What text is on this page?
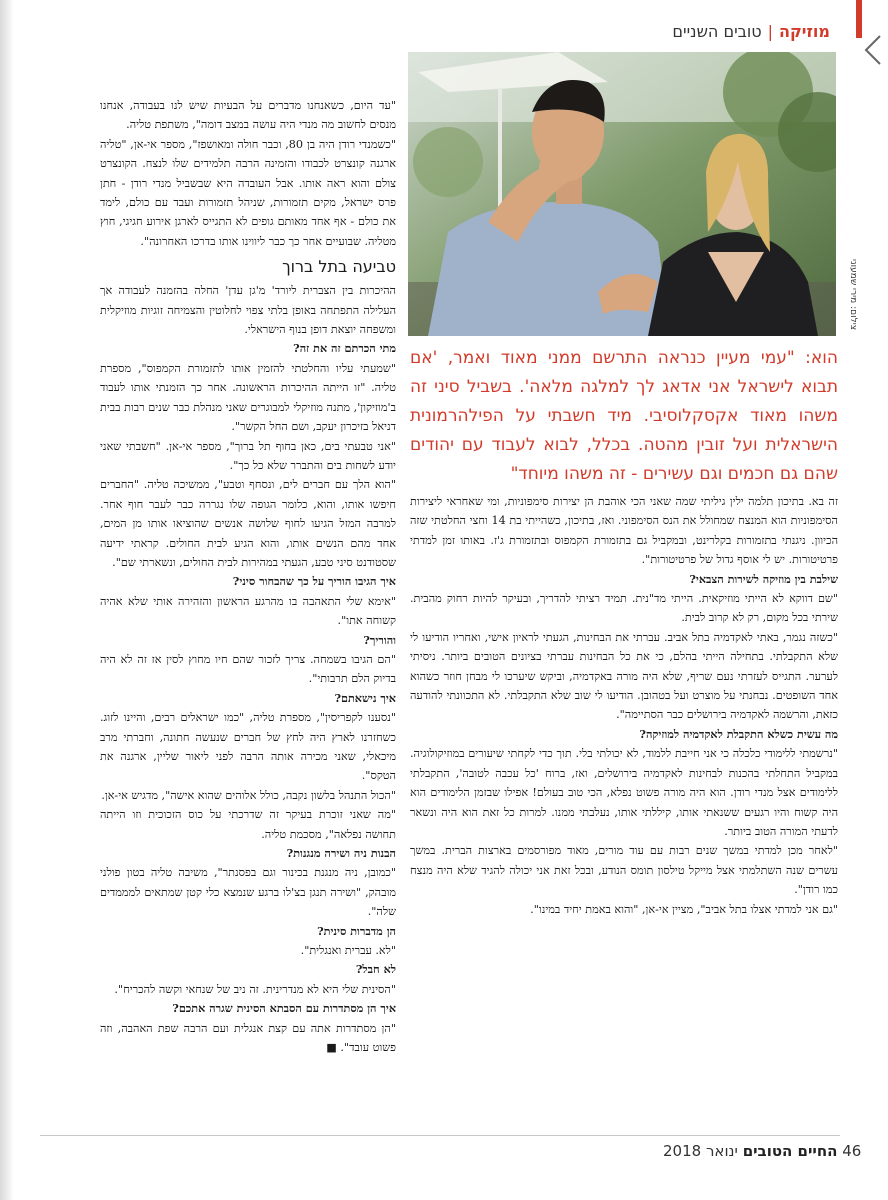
מוזיקה
|
טובים השניים
צילום: מירי שמעוני
הוא: "עמי מעיין כנראה התרשם ממני מאוד ואמר, 'אם תבוא לישראל אני אדאג לך למלגה מלאה'. בשביל סיני זה משהו מאוד אקסקלוסיבי. מיד חשבתי על הפילהרמונית הישראלית ועל זובין מהטה. בכלל, לבוא לעבוד עם יהודים שהם גם חכמים וגם עשירים - זה משהו מיוחד"

"עד היום, כשאנחנו מדברים על הבעיות שיש לנו בעבודה, אנחנו מנסים לחשוב מה מנדי היה עושה במצב דומה", משתפת טליה.

"כשמנדי רודן היה בן 80, וכבר חולה ומאושפז", מספר אי-אן, "טליה ארגנה קונצרט לכבודו והזמינה הרבה תלמידים שלו לנצח. הקונצרט צולם והוא ראה אותו. אבל העובדה היא שבשביל מנדי רודן - חתן פרס ישראל, מקים תזמורות, שניהל תזמורות ועבד עם כולם, לימד את כולם - אף אחד מאותם גופים לא התגייס לארגן אירוע חגיגי, חוץ מטליה. שבועיים אחר כך כבר ליווינו אותו בדרכו האחרונה".

טביעה בתל ברוך

ההיכרות בין הצברית ליורד' מ'גן עדן' החלה בהזמנה לעבודה אך העלילה התפתחה באופן בלתי צפוי לחלוטין והצמיחה זוגיות מוזיקלית ומשפחה יוצאת דופן בנוף הישראלי.

מתי הכרתם זה את זה?

"שמעתי עליו והחלטתי להזמין אותו לתזמורת הקמפוס", מספרת טליה. "זו הייתה ההיכרות הראשונה. אחר כך הזמנתי אותו לעבוד ב'מוזיקון', מתנה מוזיקלי למבוגרים שאני מנהלת כבר שנים רבות בבית דניאל בזיכרון יעקב, ושם החל הקשר".

"אני טבעתי בים, כאן בחוף תל ברוך", מספר אי-אן. "חשבתי שאני יודע לשחות בים והתברר שלא כל כך".

"הוא הלך עם חברים לים, ונסחף וטבע", ממשיכה טליה. "החברים חיפשו אותו, והוא, כלומר הגופה שלו נגררה כבר לעבר חוף אחר. למרבה המזל הגיעו לחוף שלושה אנשים שהוציאו אותו מן המים, אחד מהם הנשים אותו, והוא הגיע לבית החולים. קראתי ידיעה שסטודנט סיני טבע, הגעתי במהירות לבית החולים, ונשארתי שם".

איך הגיבו הוריך על כך שהבחור סיני?

"אימא שלי התאהבה בו מהרגע הראשון והזהירה אותי שלא אהיה קשוחה אתו".

והוריך?

"הם הגיבו בשמחה. צריך לזכור שהם חיו מחוץ לסין אז זה לא היה בדיוק הלם תרבותי".

איך נישאתם?

"נסענו לקפריסין", מספרת טליה, "כמו ישראלים רבים, והיינו לזוג. כשחזרנו לארץ היה לחץ של חברים שנעשה חתונה, וחברתי מרב מיכאלי, שאני מכירה אותה הרבה לפני ליאור שליין, ארגנה את הטקס".

"הכול התנהל בלשון נקבה, כולל אלוהים שהוא אישה", מדגיש אי-אן.

"מה שאני זוכרת בעיקר זה שדרכתי על כוס הזכוכית וזו הייתה תחושה נפלאה", מסכמת טליה.

הבנות ניה ושירה מנגנות?

"כמובן, ניה מנגנת בכינור וגם בפסנתר", משיבה טליה בטון פולני מובהק, "ושירה תנגן בצ'לו ברגע שנמצא כלי קטן שמתאים למממדים שלה".

הן מדברות סינית?

"לא. עברית ואנגלית".

לא חבל?

"הסינית שלי היא לא מנדרינית. זה ניב של שנחאי וקשה להכריח".

איך הן מסתדרות עם הסבתא הסינית שגרה אתכם?

"הן מסתדרות אתה עם קצת אנגלית ועם הרבה שפת האהבה, וזה פשוט עובד". ■

זה בא. בתיכון תלמה ילין גיליתי שמה שאני הכי אוהבת הן יצירות סימפוניות, ומי שאחראי ליצירות הסימפוניות הוא המנצח שמחולל את הנס הסימפוני. ואז, בתיכון, כשהייתי בת 14 וחצי החלטתי שזה הכיוון. ניגנתי בתזמורות בקלרינט, ובמקביל גם בתזמורת הקמפוס ובתזמורת ג'ז. באותו זמן למדתי פרטיטורות. יש לי אוסף גדול של פרטיטורות".

שילבת בין מוזיקה לשירות הצבאי?

"שם דווקא לא הייתי מוזיקאית. הייתי מד"נית. תמיד רציתי להדריך, ובעיקר להיות רחוק מהבית. שירתי בכל מקום, רק לא קרוב לבית.

"כשזה נגמר, באתי לאקדמיה בתל אביב. עברתי את הבחינות, הגעתי לראיון אישי, ואחריו הודיעו לי שלא התקבלתי. בתחילה הייתי בהלם, כי את כל הבחינות עברתי בציונים הטובים ביותר. ניסיתי לערער. התגייס לעזרתי נעם שריף, שלא היה מורה באקדמיה, וביקש שיערכו לי מבחן חוזר כשהוא אחד השופטים. נבחנתי על מוצרט ועל בטהובן. הודיעו לי שוב שלא התקבלתי. לא התכוונתי להודעה כזאת, והרשמה לאקדמיה בירושלים כבר הסתיימה".

מה עשית כשלא התקבלת לאקדמיה למוזיקה?

"נרשמתי ללימודי כלכלה כי אני חייבת ללמוד, לא יכולתי בלי. תוך כדי לקחתי שיעורים במוזיקולוגיה. במקביל התחלתי בהכנות לבחינות לאקדמיה בירושלים, ואז, ברוח 'כל עכבה לטובה', התקבלתי ללימודים אצל מנדי רודן. הוא היה מורה פשוט נפלא, הכי טוב בעולם! אפילו שבזמן הלימודים הוא היה קשוח והיו רגעים ששנאתי אותו, קיללתי אותו, נעלבתי ממנו. למרות כל זאת הוא היה ונשאר לדעתי המורה הטוב ביותר.

"לאחר מכן למדתי במשך שנים רבות עם עוד מורים, מאוד מפורסמים בארצות הברית. במשך עשרים שנה השתלמתי אצל מייקל טילסון תומס הנודע, ובכל זאת אני יכולה להגיד שלא היה מנצח כמו רודן".

"גם אני למדתי אצלו בתל אביב", מציין אי-אן, "והוא באמת יחיד במינו".

46 החיים הטובים ינואר 2018
